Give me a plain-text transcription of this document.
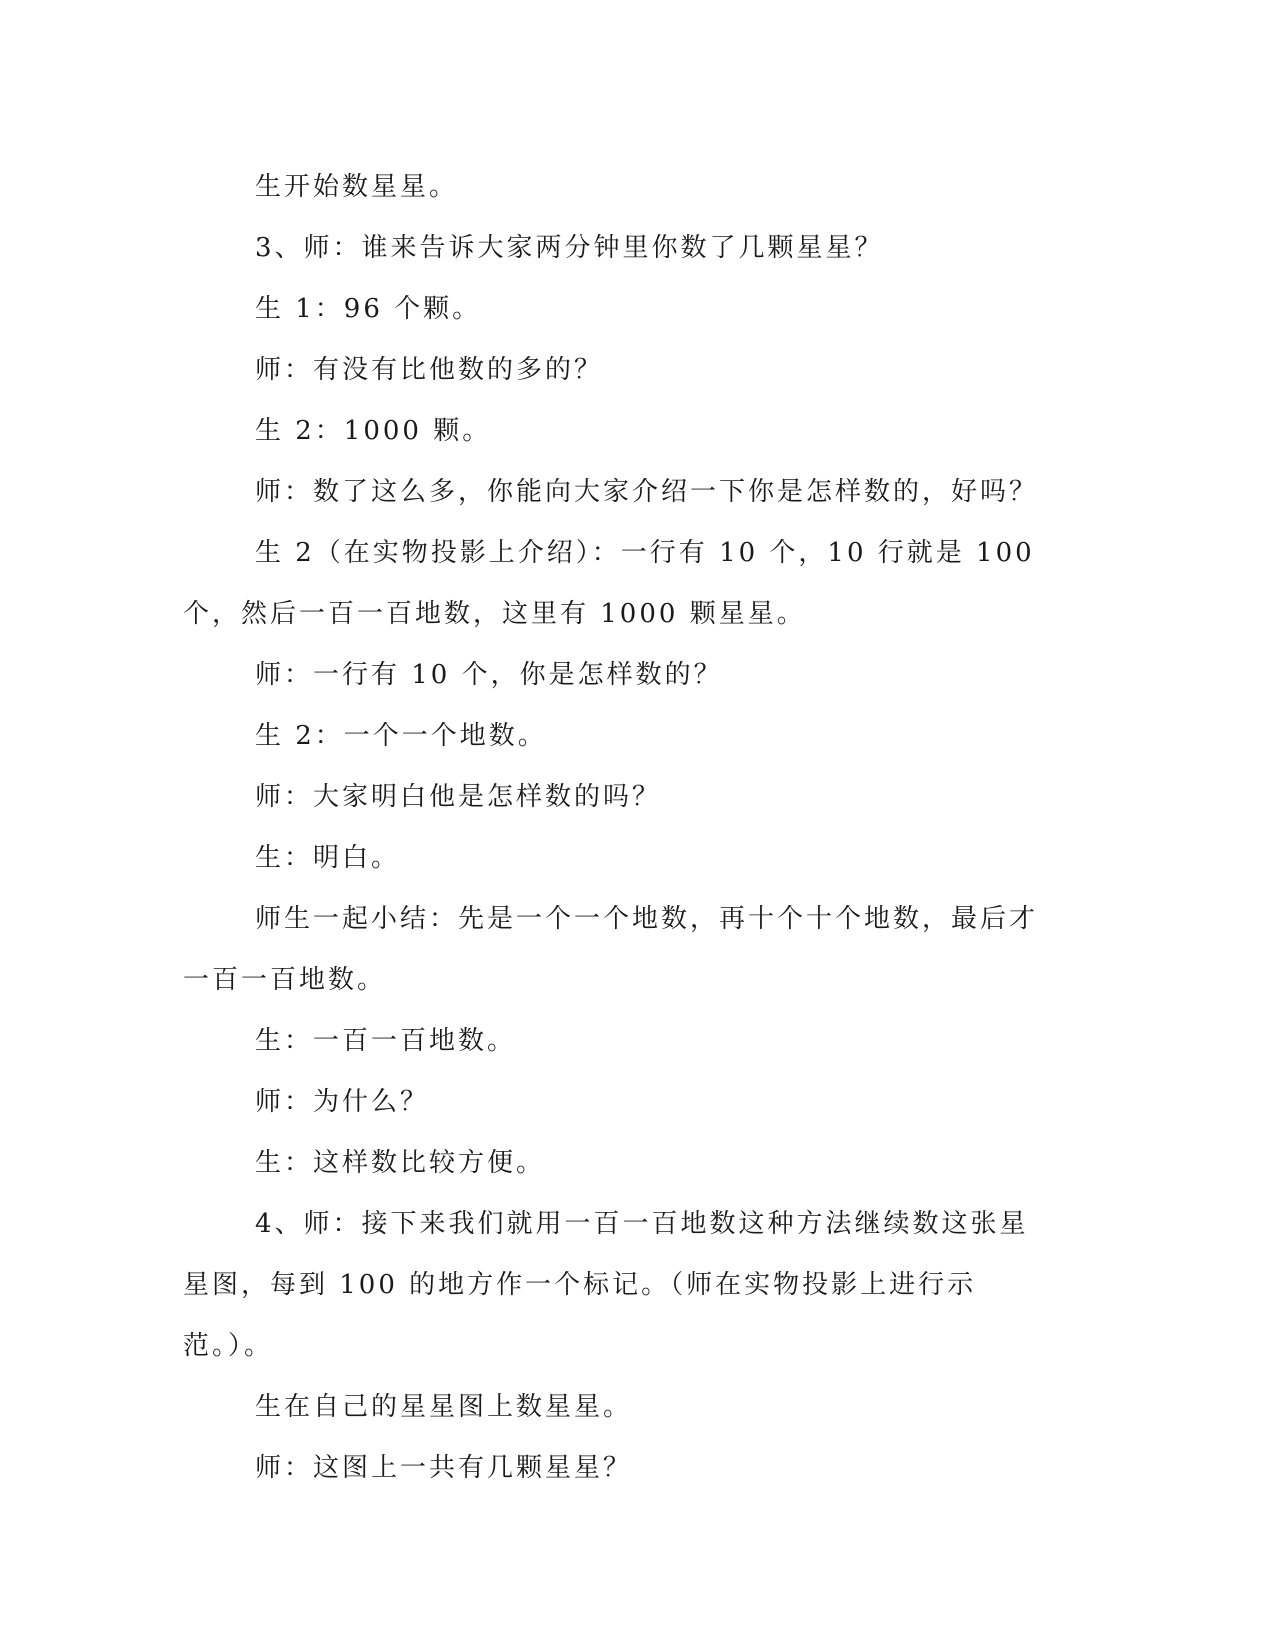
生开始数星星。

3、师：谁来告诉大家两分钟里你数了几颗星星？

生 1：96 个颗。

师：有没有比他数的多的？

生 2：1000 颗。

师：数了这么多，你能向大家介绍一下你是怎样数的，好吗？

生 2（在实物投影上介绍）：一行有 10 个，10 行就是 100 个，然后一百一百地数，这里有 1000 颗星星。

师：一行有 10 个，你是怎样数的？

生 2：一个一个地数。

师：大家明白他是怎样数的吗？

生：明白。

师生一起小结：先是一个一个地数，再十个十个地数，最后才一百一百地数。

生：一百一百地数。

师：为什么？

生：这样数比较方便。

4、师：接下来我们就用一百一百地数这种方法继续数这张星星图，每到 100 的地方作一个标记。（师在实物投影上进行示范。）。

生在自己的星星图上数星星。

师：这图上一共有几颗星星？
